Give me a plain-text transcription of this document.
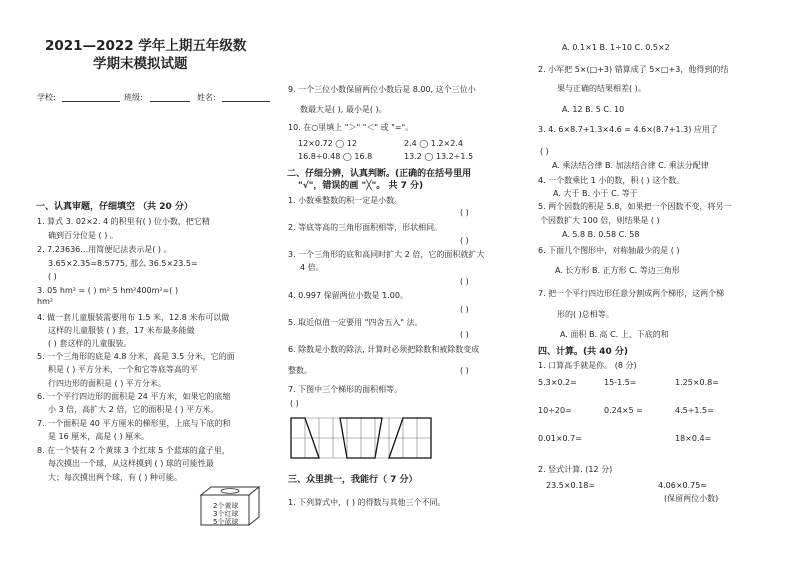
2021—2022 学年上期五年级数
学期末模拟试题
学校:	班级:	姓名:
一、认真审题，仔细填空 （共 20 分）
1. 算式 3. 02×2. 4 的积里有( ) 位小数，把它精
确到百分位是 ( ) 。
2. 7.23636…用简便记法表示是( ) 。
3.65×2.35=8.5775, 那么 36.5×23.5=
( )
3. 05 hm² = ( ) m² 5 hm²400m²=( )
hm²
4. 做一套儿童服装需要用布 1.5 米，12.8 米布可以做
这样的儿童服装 ( ) 套，17 米布最多能做
( ) 套这样的儿童服装。
5. 一个三角形的底是 4.8 分米，高是 3.5 分米，它的面
积是 ( ) 平方分米，一个和它等底等高的平
行四边形的面积是 ( ) 平方分米。
6. 一个平行四边形的面积是 24 平方米，如果它的底缩
小 3 倍，高扩大 2 倍，它的面积是 ( ) 平方米。
7. 一个面积是 40 平方厘米的梯形里，上底与下底的和
是 16 厘米，高是 ( ) 厘米。
8. 在一个装有 2 个黄球 3 个红球 5 个蓝球的盒子里，
每次摸出一个球，从这样摸到 ( ) 球的可能性最
大；每次摸出两个球，有 ( ) 种可能。
2个黄球
3个红球
5个蓝球
9. 一个三位小数保留两位小数后是 8.00, 这个三位小
数最大是( ), 最小是( )。
10. 在○里填上 "＞" "＜" 或 "="。
12×0.72 ◯ 12	2.4 ◯ 1.2×2.4
16.8÷0.48 ◯ 16.8	13.2 ◯ 13.2÷1.5
二、仔细分辨，认真判断。(正确的在括号里用
"√"，错误的画 "╳"。 共 7 分)
1. 小数乘整数的积一定是小数。
( )
2. 等底等高的三角形面积相等，形状相同。
( )
3. 一个三角形的底和高同时扩大 2 倍，它的面积就扩大
4 倍。
( )
4. 0.997 保留两位小数是 1.00。
( )
5. 取近似值一定要用 "四舍五入" 法。
( )
6. 除数是小数的除法, 计算时必须把除数和被除数变成
整数。	( )
7. 下图中三个梯形的面积相等。
( )
三、众里挑一，我能行（ 7 分）
1. 下列算式中，( ) 的得数与其他三个不同。
A. 0.1×1 B. 1÷10 C. 0.5×2
2. 小军把 5×(□+3) 错算成了 5×□+3，他得到的结
果与正确的结果相差( )。
A. 12 B. 5 C. 10
3. 4. 6×8.7+1.3×4.6 = 4.6×(8.7+1.3) 应用了
( )
A. 乘法结合律 B. 加法结合律 C. 乘法分配律
4. 一个数乘比 1 小的数，积 ( ) 这个数。
A. 大于 B. 小于 C. 等于
5. 两个因数的积是 5.8，如果把一个因数不变，将另一
个因数扩大 100 倍，则结果是 ( )
A. 5.8 B. 0.58 C. 58
6. 下面几个图形中，对称轴最少的是 ( )
A. 长方形 B. 正方形 C. 等边三角形
7. 把一个平行四边形任意分割成两个梯形，这两个梯
形的( )总相等。
A. 面积 B. 高 C. 上、下底的和
四、计算。(共 40 分)
1. 口算高手就是你。 (8 分)
5.3×0.2=	15-1.5=	1.25×0.8=
10÷20=	0.24×5 =	4.5÷1.5=
0.01×0.7=	18×0.4=
2. 竖式计算. (12 分)
23.5×0.18=	4.06×0.75≈
(保留两位小数)
